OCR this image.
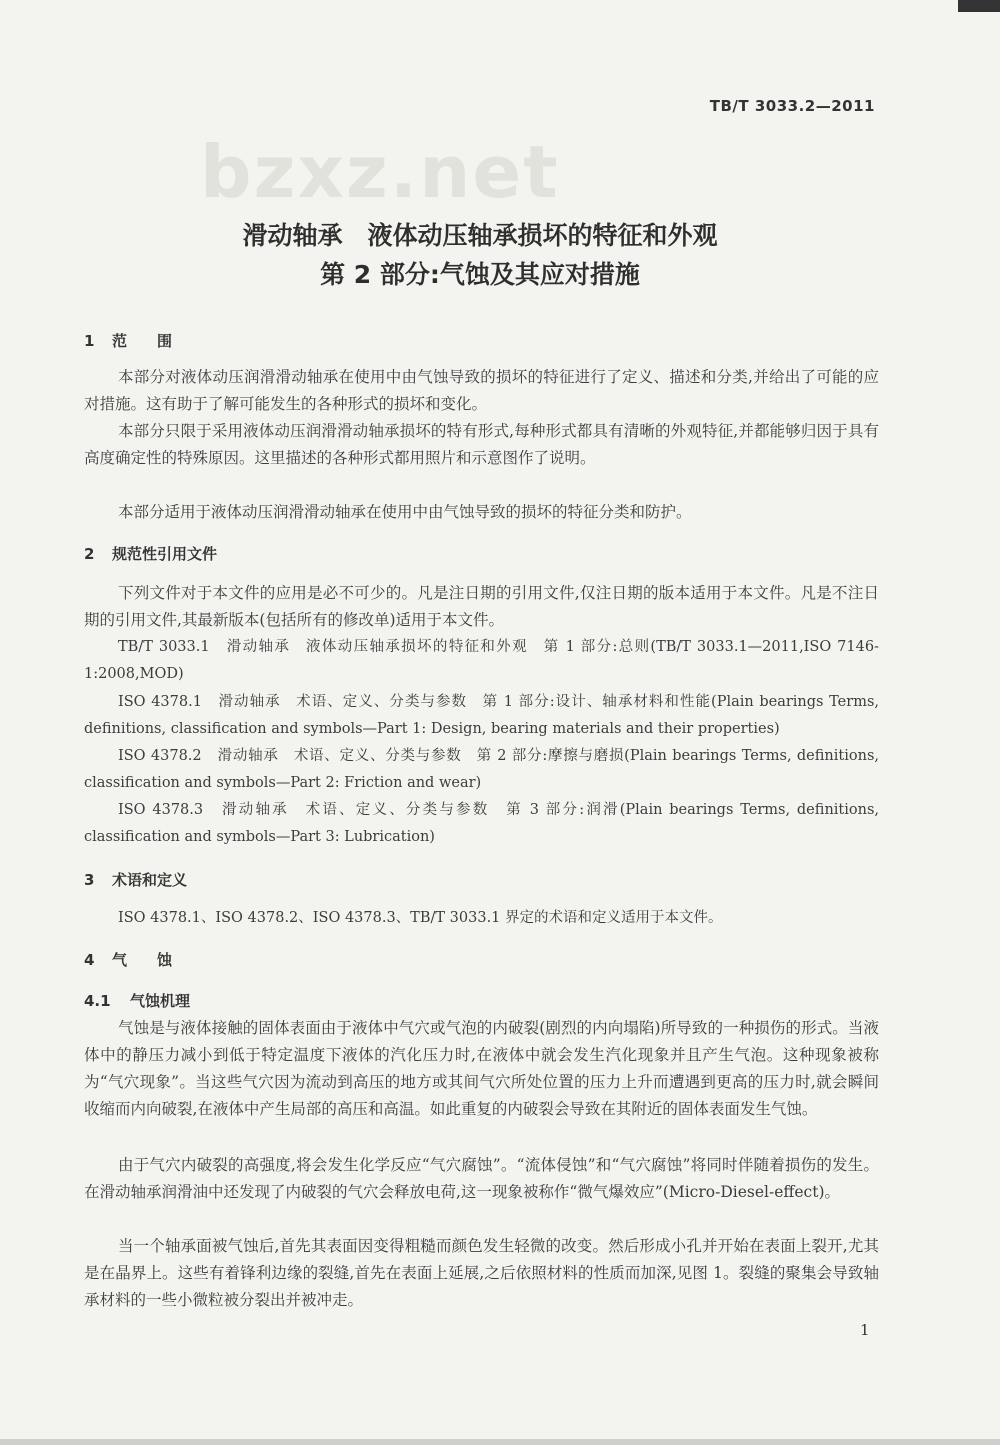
TB/T 3033.2—2011
bzxz.net
滑动轴承　液体动压轴承损坏的特征和外观
第 2 部分:气蚀及其应对措施
1 范　　围
本部分对液体动压润滑滑动轴承在使用中由气蚀导致的损坏的特征进行了定义、描述和分类,并给出了可能的应对措施。这有助于了解可能发生的各种形式的损坏和变化。
本部分只限于采用液体动压润滑滑动轴承损坏的特有形式,每种形式都具有清晰的外观特征,并都能够归因于具有高度确定性的特殊原因。这里描述的各种形式都用照片和示意图作了说明。
本部分适用于液体动压润滑滑动轴承在使用中由气蚀导致的损坏的特征分类和防护。
2 规范性引用文件
下列文件对于本文件的应用是必不可少的。凡是注日期的引用文件,仅注日期的版本适用于本文件。凡是不注日期的引用文件,其最新版本(包括所有的修改单)适用于本文件。
TB/T 3033.1　滑动轴承　液体动压轴承损坏的特征和外观　第 1 部分:总则(TB/T 3033.1—2011,ISO 7146-1:2008,MOD)
ISO 4378.1　滑动轴承　术语、定义、分类与参数　第 1 部分:设计、轴承材料和性能(Plain bearings Terms, definitions, classification and symbols—Part 1: Design, bearing materials and their properties)
ISO 4378.2　滑动轴承　术语、定义、分类与参数　第 2 部分:摩擦与磨损(Plain bearings Terms, definitions, classification and symbols—Part 2: Friction and wear)
ISO 4378.3　滑动轴承　术语、定义、分类与参数　第 3 部分:润滑(Plain bearings Terms, definitions, classification and symbols—Part 3: Lubrication)
3 术语和定义
ISO 4378.1、ISO 4378.2、ISO 4378.3、TB/T 3033.1 界定的术语和定义适用于本文件。
4 气　　蚀
4.1 气蚀机理
气蚀是与液体接触的固体表面由于液体中气穴或气泡的内破裂(剧烈的内向塌陷)所导致的一种损伤的形式。当液体中的静压力减小到低于特定温度下液体的汽化压力时,在液体中就会发生汽化现象并且产生气泡。这种现象被称为“气穴现象”。当这些气穴因为流动到高压的地方或其间气穴所处位置的压力上升而遭遇到更高的压力时,就会瞬间收缩而内向破裂,在液体中产生局部的高压和高温。如此重复的内破裂会导致在其附近的固体表面发生气蚀。
由于气穴内破裂的高强度,将会发生化学反应“气穴腐蚀”。“流体侵蚀”和“气穴腐蚀”将同时伴随着损伤的发生。在滑动轴承润滑油中还发现了内破裂的气穴会释放电荷,这一现象被称作“微气爆效应”(Micro-Diesel-effect)。
当一个轴承面被气蚀后,首先其表面因变得粗糙而颜色发生轻微的改变。然后形成小孔并开始在表面上裂开,尤其是在晶界上。这些有着锋利边缘的裂缝,首先在表面上延展,之后依照材料的性质而加深,见图 1。裂缝的聚集会导致轴承材料的一些小微粒被分裂出并被冲走。
1
